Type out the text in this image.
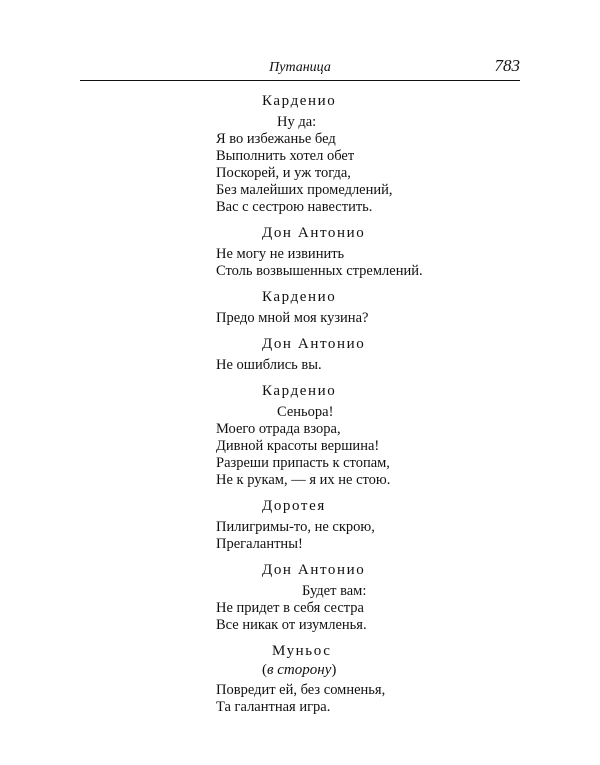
Путаница	783
Карденио
Ну да:
Я во избежанье бед
Выполнить хотел обет
Поскорей, и уж тогда,
Без малейших промедлений,
Вас с сестрою навестить.
Дон Антонио
Не могу не извинить
Столь возвышенных стремлений.
Карденио
Предо мной моя кузина?
Дон Антонио
Не ошиблись вы.
Карденио
Сеньора!
Моего отрада взора,
Дивной красоты вершина!
Разреши припасть к стопам,
Не к рукам, — я их не стою.
Доротея
Пилигримы-то, не скрою,
Прегалантны!
Дон Антонио
Будет вам:
Не придет в себя сестра
Все никак от изумленья.
Муньос
(в сторону)
Повредит ей, без сомненья,
Та галантная игра.
